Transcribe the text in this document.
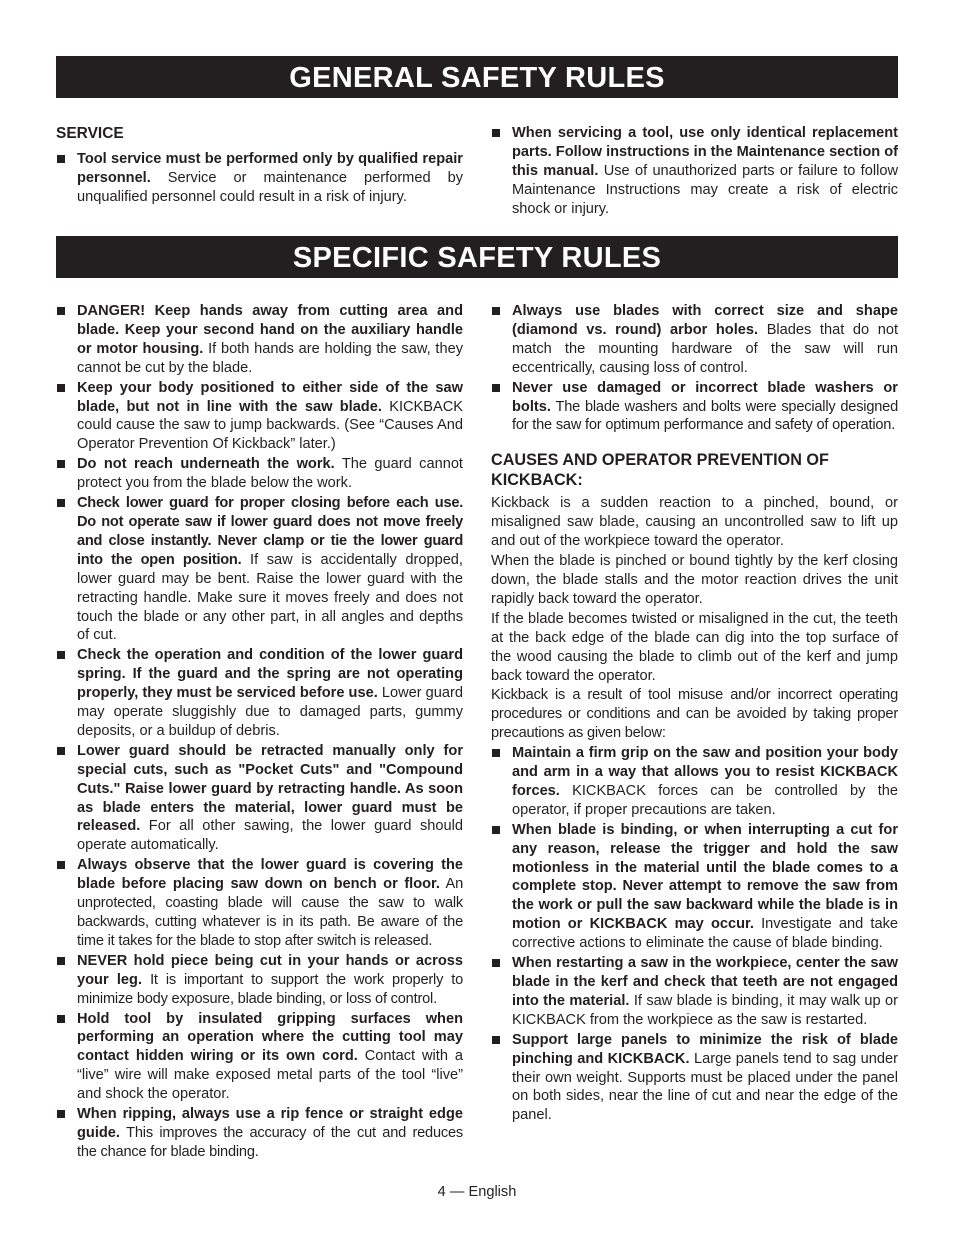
GENERAL SAFETY RULES

SERVICE

Tool service must be performed only by qualified repair personnel. Service or maintenance performed by unqualified personnel could result in a risk of injury.

When servicing a tool, use only identical replacement parts. Follow instructions in the Maintenance section of this manual. Use of unauthorized parts or failure to follow Maintenance Instructions may create a risk of electric shock or injury.

SPECIFIC SAFETY RULES

DANGER! Keep hands away from cutting area and blade. Keep your second hand on the auxiliary handle or motor housing. If both hands are holding the saw, they cannot be cut by the blade.

Keep your body positioned to either side of the saw blade, but not in line with the saw blade. KICKBACK could cause the saw to jump backwards. (See “Causes And Operator Prevention Of Kickback” later.)

Do not reach underneath the work. The guard cannot protect you from the blade below the work.

Check lower guard for proper closing before each use. Do not operate saw if lower guard does not move freely and close instantly. Never clamp or tie the lower guard into the open position. If saw is accidentally dropped, lower guard may be bent. Raise the lower guard with the retracting handle. Make sure it moves freely and does not touch the blade or any other part, in all angles and depths of cut.

Check the operation and condition of the lower guard spring. If the guard and the spring are not operating properly, they must be serviced before use. Lower guard may operate sluggishly due to damaged parts, gummy deposits, or a buildup of debris.

Lower guard should be retracted manually only for special cuts, such as "Pocket Cuts" and "Compound Cuts." Raise lower guard by retracting handle. As soon as blade enters the material, lower guard must be released. For all other sawing, the lower guard should operate automatically.

Always observe that the lower guard is covering the blade before placing saw down on bench or floor. An unprotected, coasting blade will cause the saw to walk backwards, cutting whatever is in its path. Be aware of the time it takes for the blade to stop after switch is released.

NEVER hold piece being cut in your hands or across your leg. It is important to support the work properly to minimize body exposure, blade binding, or loss of control.

Hold tool by insulated gripping surfaces when performing an operation where the cutting tool may contact hidden wiring or its own cord. Contact with a “live” wire will make exposed metal parts of the tool “live” and shock the operator.

When ripping, always use a rip fence or straight edge guide. This improves the accuracy of the cut and reduces the chance for blade binding.

Always use blades with correct size and shape (diamond vs. round) arbor holes. Blades that do not match the mounting hardware of the saw will run eccentrically, causing loss of control.

Never use damaged or incorrect blade washers or bolts. The blade washers and bolts were specially designed for the saw for optimum performance and safety of operation.

CAUSES AND OPERATOR PREVENTION OF KICKBACK:

Kickback is a sudden reaction to a pinched, bound, or misaligned saw blade, causing an uncontrolled saw to lift up and out of the workpiece toward the operator.

When the blade is pinched or bound tightly by the kerf closing down, the blade stalls and the motor reaction drives the unit rapidly back toward the operator.

If the blade becomes twisted or misaligned in the cut, the teeth at the back edge of the blade can dig into the top surface of the wood causing the blade to climb out of the kerf and jump back toward the operator.

Kickback is a result of tool misuse and/or incorrect operating procedures or conditions and can be avoided by taking proper precautions as given below:

Maintain a firm grip on the saw and position your body and arm in a way that allows you to resist KICKBACK forces. KICKBACK forces can be controlled by the operator, if proper precautions are taken.

When blade is binding, or when interrupting a cut for any reason, release the trigger and hold the saw motionless in the material until the blade comes to a complete stop. Never attempt to remove the saw from the work or pull the saw backward while the blade is in motion or KICKBACK may occur. Investigate and take corrective actions to eliminate the cause of blade binding.

When restarting a saw in the workpiece, center the saw blade in the kerf and check that teeth are not engaged into the material. If saw blade is binding, it may walk up or KICKBACK from the workpiece as the saw is restarted.

Support large panels to minimize the risk of blade pinching and KICKBACK. Large panels tend to sag under their own weight. Supports must be placed under the panel on both sides, near the line of cut and near the edge of the panel.

4 — English
